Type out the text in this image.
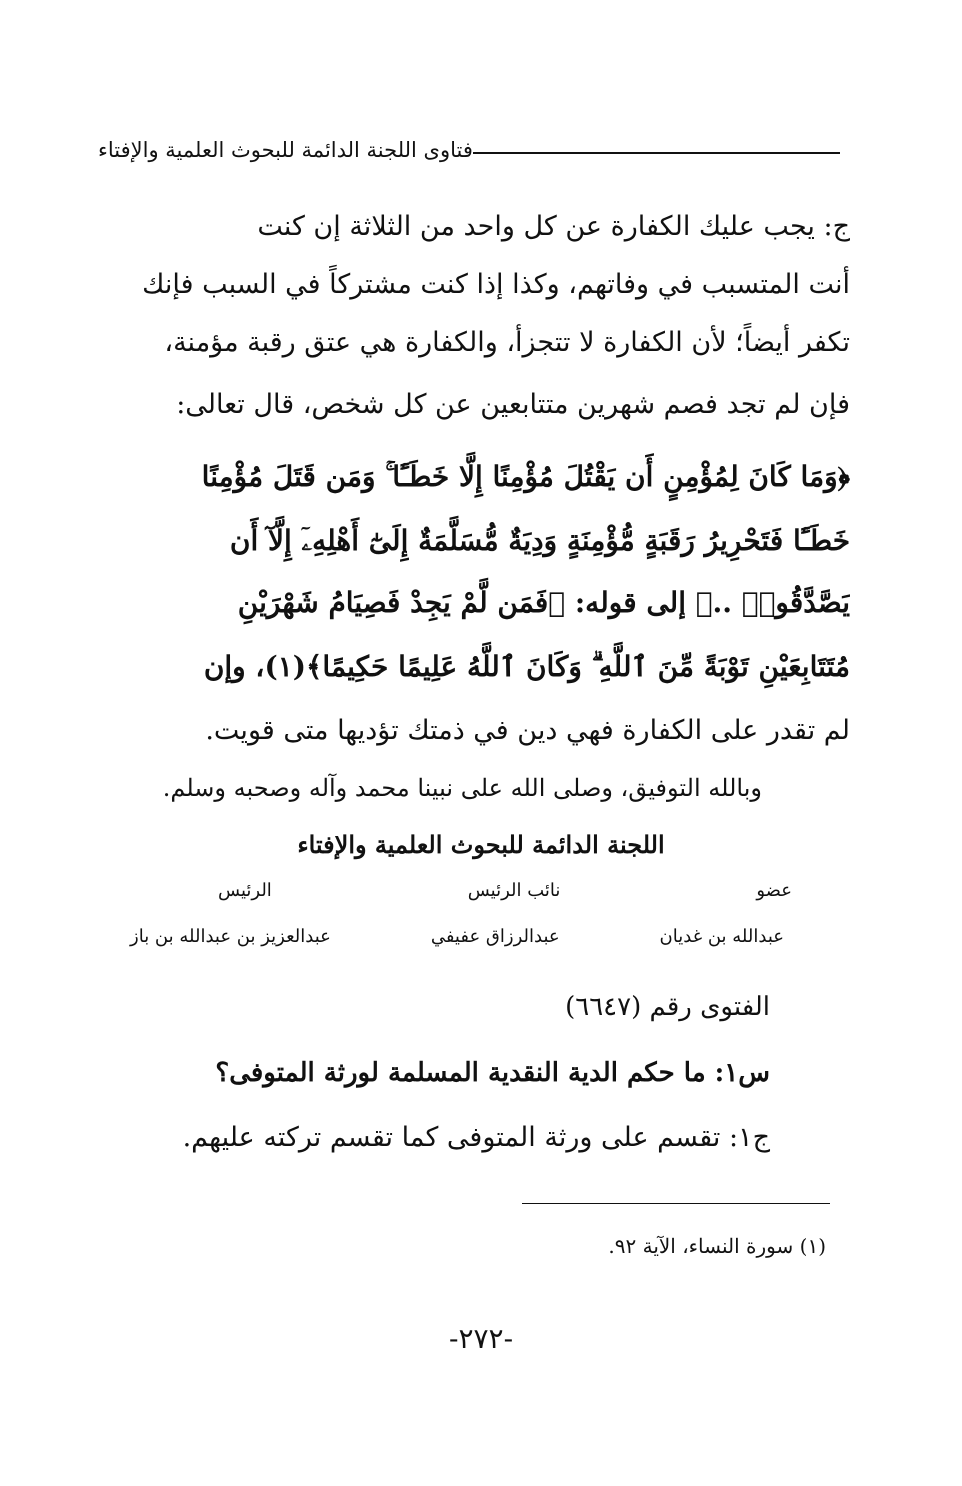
فتاوى اللجنة الدائمة للبحوث العلمية والإفتاء
ج: يجب عليك الكفارة عن كل واحد من الثلاثة إن كنت
أنت المتسبب في وفاتهم، وكذا إذا كنت مشتركاً في السبب فإنك
تكفر أيضاً؛ لأن الكفارة لا تتجزأ، والكفارة هي عتق رقبة مؤمنة،
فإن لم تجد فصم شهرين متتابعين عن كل شخص، قال تعالى:
﴿وَمَا كَانَ لِمُؤْمِنٍ أَن يَقْتُلَ مُؤْمِنًا إِلَّا خَطَـًٔا ۚ وَمَن قَتَلَ مُؤْمِنًا
خَطَـًٔا فَتَحْرِيرُ رَقَبَةٍ مُّؤْمِنَةٍ وَدِيَةٌ مُّسَلَّمَةٌ إِلَىٰٓ أَهْلِهِۦٓ إِلَّآ أَن
يَصَّدَّقُوا۟ ..﴾ إلى قوله: ﴿فَمَن لَّمْ يَجِدْ فَصِيَامُ شَهْرَيْنِ
مُتَتَابِعَيْنِ تَوْبَةً مِّنَ ٱللَّهِ ۗ وَكَانَ ٱللَّهُ عَلِيمًا حَكِيمًا﴾(١)، وإن
لم تقدر على الكفارة فهي دين في ذمتك تؤديها متى قويت.
وبالله التوفيق، وصلى الله على نبينا محمد وآله وصحبه وسلم.
اللجنة الدائمة للبحوث العلمية والإفتاء
عضو
نائب الرئيس
الرئيس
عبدالله بن غديان
عبدالرزاق عفيفي
عبدالعزيز بن عبدالله بن باز
الفتوى رقم (٦٦٤٧)
س١: ما حكم الدية النقدية المسلمة لورثة المتوفى؟
ج١: تقسم على ورثة المتوفى كما تقسم تركته عليهم.
(١) سورة النساء، الآية ٩٢.
-٢٧٢-
